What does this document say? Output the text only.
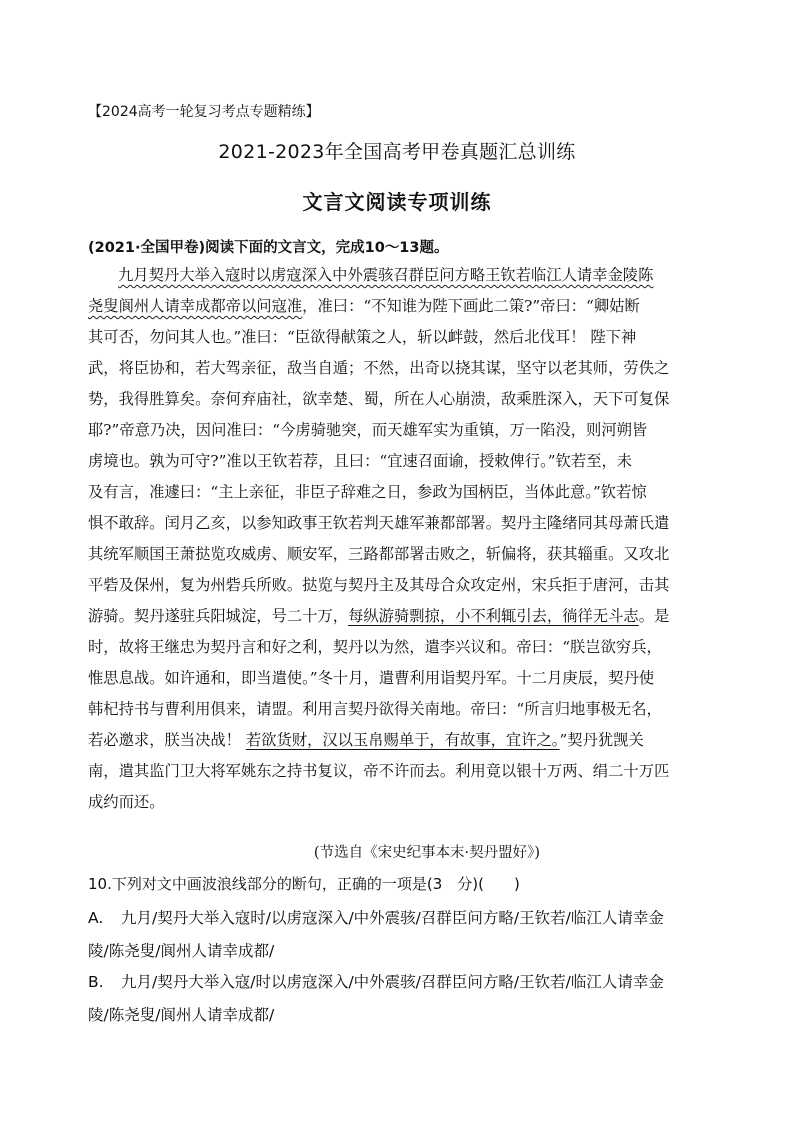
【2024高考一轮复习考点专题精练】
2021-2023年全国高考甲卷真题汇总训练
文言文阅读专项训练
(2021·全国甲卷)阅读下面的文言文，完成10～13题。
九月契丹大举入寇时以虏寇深入中外震骇召群臣问方略王钦若临江人请幸金陵陈
尧叟阆州人请幸成都帝以问寇准，准曰：“不知谁为陛下画此二策?”帝曰：“卿姑断
其可否，勿问其人也。”准曰：“臣欲得献策之人，斩以衅鼓，然后北伐耳！ 陛下神
武，将臣协和，若大驾亲征，敌当自遁；不然，出奇以挠其谋，坚守以老其师，劳佚之
势，我得胜算矣。奈何弃庙社，欲幸楚、蜀，所在人心崩溃，敌乘胜深入，天下可复保
耶?”帝意乃决，因问准曰：“今虏骑驰突，而天雄军实为重镇，万一陷没，则河朔皆
虏境也。孰为可守?”准以王钦若荐，且曰：“宜速召面谕，授敕俾行。”钦若至，未
及有言，准遽曰：“主上亲征，非臣子辞难之日，参政为国柄臣，当体此意。”钦若惊
惧不敢辞。闰月乙亥，以参知政事王钦若判天雄军兼都部署。契丹主隆绪同其母萧氏遣
其统军顺国王萧挞览攻威虏、顺安军，三路都部署击败之，斩偏将，获其辎重。又攻北
平砦及保州，复为州砦兵所败。挞览与契丹主及其母合众攻定州，宋兵拒于唐河，击其
游骑。契丹遂驻兵阳城淀，号二十万，每纵游骑剽掠，小不利辄引去，徜徉无斗志。是
时，故将王继忠为契丹言和好之利，契丹以为然，遣李兴议和。帝曰：“朕岂欲穷兵，
惟思息战。如许通和，即当遣使。”冬十月，遣曹利用诣契丹军。十二月庚辰，契丹使
韩杞持书与曹利用俱来，请盟。利用言契丹欲得关南地。帝曰：“所言归地事极无名，
若必邀求，朕当决战！ 若欲货财，汉以玉帛赐单于，有故事，宜许之。”契丹犹觊关
南，遣其监门卫大将军姚东之持书复议，帝不许而去。利用竟以银十万两、绢二十万匹
成约而还。
(节选自《宋史纪事本末·契丹盟好》)
10.下列对文中画波浪线部分的断句，正确的一项是(3　分)(　　)
A. 九月/契丹大举入寇时/以虏寇深入/中外震骇/召群臣问方略/王钦若/临江人请幸金
陵/陈尧叟/阆州人请幸成都/
B. 九月/契丹大举入寇/时以虏寇深入/中外震骇/召群臣问方略/王钦若/临江人请幸金
陵/陈尧叟/阆州人请幸成都/
